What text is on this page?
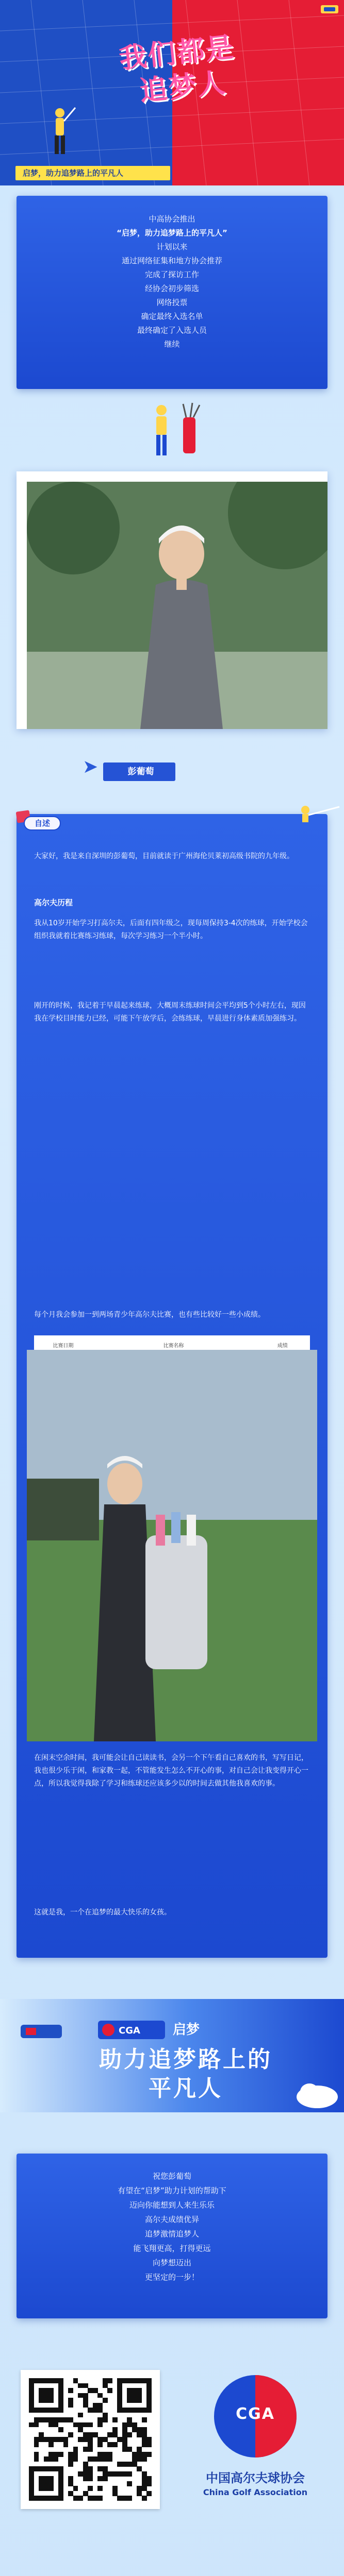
我们都是
追梦人
启梦，助力追梦路上的平凡人

中高协会推出

“启梦，助力追梦路上的平凡人”

计划以来

通过网络征集和地方协会推荐

完成了探访工作

经协会初步筛选

网络投票

确定最终入选名单

最终确定了入选人员

继续

➤	彭葡萄
自述

大家好，我是来自深圳的彭葡萄，目前就读于广州海伦贝莱初高级书院的九年级。

高尔夫历程

我从10岁开始学习打高尔夫，后面有四年级之，现每周保持3-4次的练球，开始学校会组织我就着比赛练习练球，每次学习练习一个半小时。

刚开的时候，我记着于早晨起来练球，大概周末练球时间会平均到5个小时左右，现因我在学校目时能力已经，可能下午放学后，会练练球，早晨进行身体素质加强练习。

每个月我会参加一到两场青少年高尔夫比赛，也有些比较好一些小成绩。

比赛日期	比赛名称	成绩

在闲末空余时间，我可能会让自己读读书，会另一个下午看自己喜欢的书，写写日记，我也很少乐于闲，和家教一起，不管能发生怎么不开心的事，对自己会让我变得开心一点，所以我觉得我除了学习和练球还应该多少以的时间去做其他我喜欢的事。

这就是我，一个在追梦的最大快乐的女孩。

CGA 启梦
助力追梦路上的
平凡人

祝您彭葡萄

有望在“启梦”助力计划的帮助下

迈向你能想到人来生乐乐

高尔夫成绩优异

追梦激情追梦人

能飞翔更高，打得更远

向梦想迈出

更坚定的一步！

CGA
中国高尔夫球协会
China Golf Association
